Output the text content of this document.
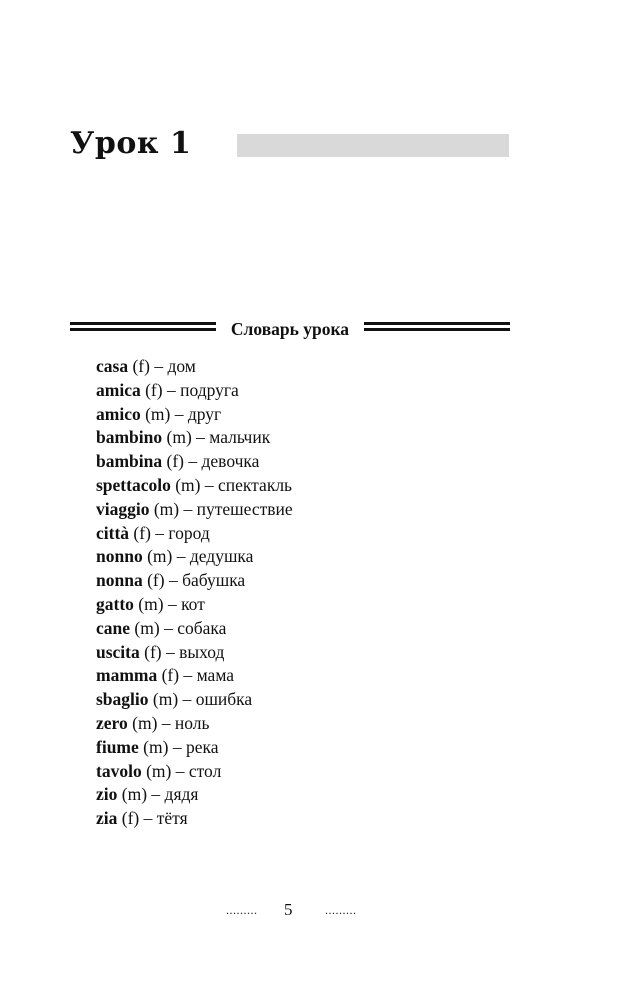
Урок 1
Словарь урока
casa (f) – дом
amica (f) – подруга
amico (m) – друг
bambino (m) – мальчик
bambina (f) – девочка
spettacolo (m) – спектакль
viaggio (m) – путешествие
città (f) – город
nonno (m) – дедушка
nonna (f) – бабушка
gatto (m) – кот
cane (m) – собака
uscita (f) – выход
mamma (f) – мама
sbaglio (m) – ошибка
zero (m) – ноль
fiume (m) – река
tavolo (m) – стол
zio (m) – дядя
zia (f) – тётя
......... 5	.........
